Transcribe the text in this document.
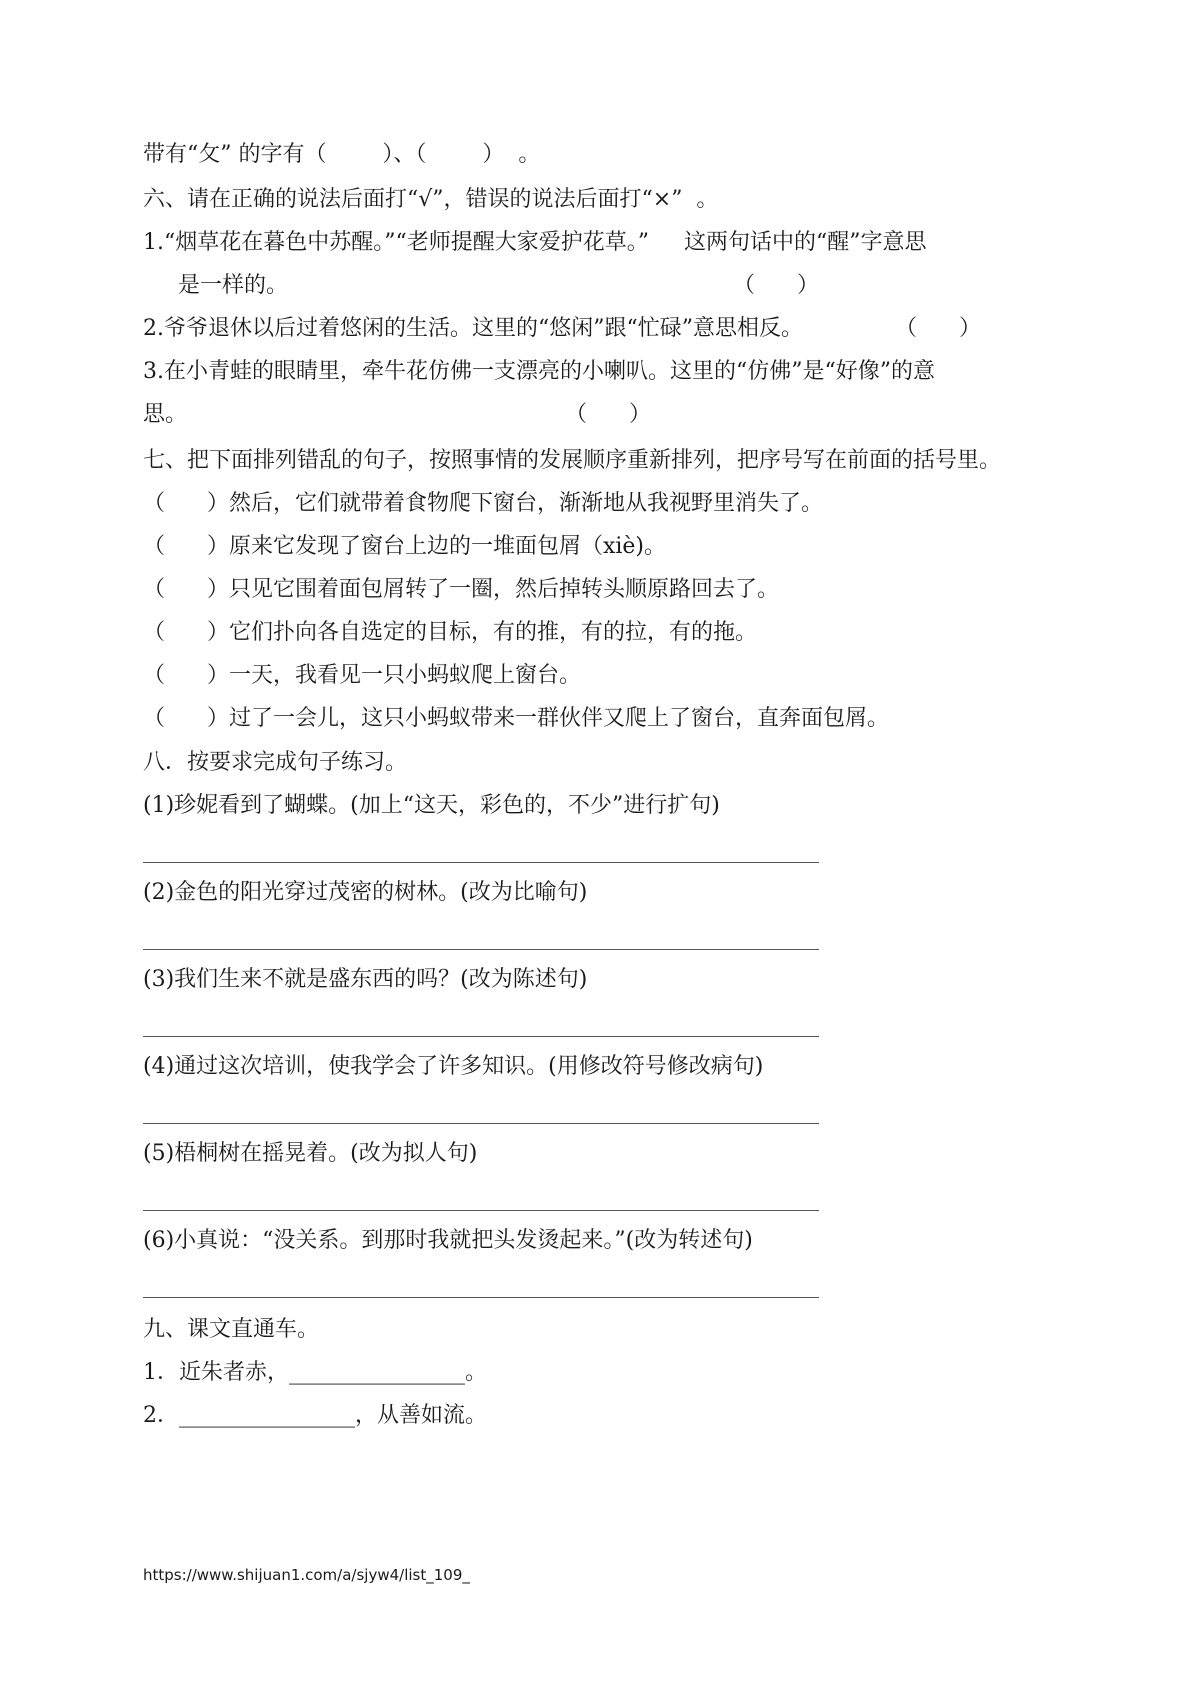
带有“攵” 的字有（        ）、（        ）  。
六、请在正确的说法后面打“√”，错误的说法后面打“×”  。
1.“烟草花在暮色中苏醒。”“老师提醒大家爱护花草。”     这两句话中的“醒”字意思
是一样的。	（      ）
2.爷爷退休以后过着悠闲的生活。这里的“悠闲”跟“忙碌”意思相反。	（      ）
3.在小青蛙的眼睛里，牵牛花仿佛一支漂亮的小喇叭。这里的“仿佛”是“好像”的意
思。	（      ）
七、把下面排列错乱的句子，按照事情的发展顺序重新排列，把序号写在前面的括号里。
（      ）然后，它们就带着食物爬下窗台，渐渐地从我视野里消失了。
（      ）原来它发现了窗台上边的一堆面包屑（xiè)。
（      ）只见它围着面包屑转了一圈，然后掉转头顺原路回去了。
（      ）它们扑向各自选定的目标，有的推，有的拉，有的拖。
（      ）一天，我看见一只小蚂蚁爬上窗台。
（      ）过了一会儿，这只小蚂蚁带来一群伙伴又爬上了窗台，直奔面包屑。
八．按要求完成句子练习。
(1)珍妮看到了蝴蝶。(加上“这天，彩色的，不少”进行扩句)
(2)金色的阳光穿过茂密的树林。(改为比喻句)
(3)我们生来不就是盛东西的吗？(改为陈述句)
(4)通过这次培训，使我学会了许多知识。(用修改符号修改病句)
(5)梧桐树在摇晃着。(改为拟人句)
(6)小真说：“没关系。到那时我就把头发烫起来。”(改为转述句)
九、课文直通车。
1．近朱者赤，________________。
2．________________，从善如流。
https://www.shijuan1.com/a/sjyw4/list_109_
